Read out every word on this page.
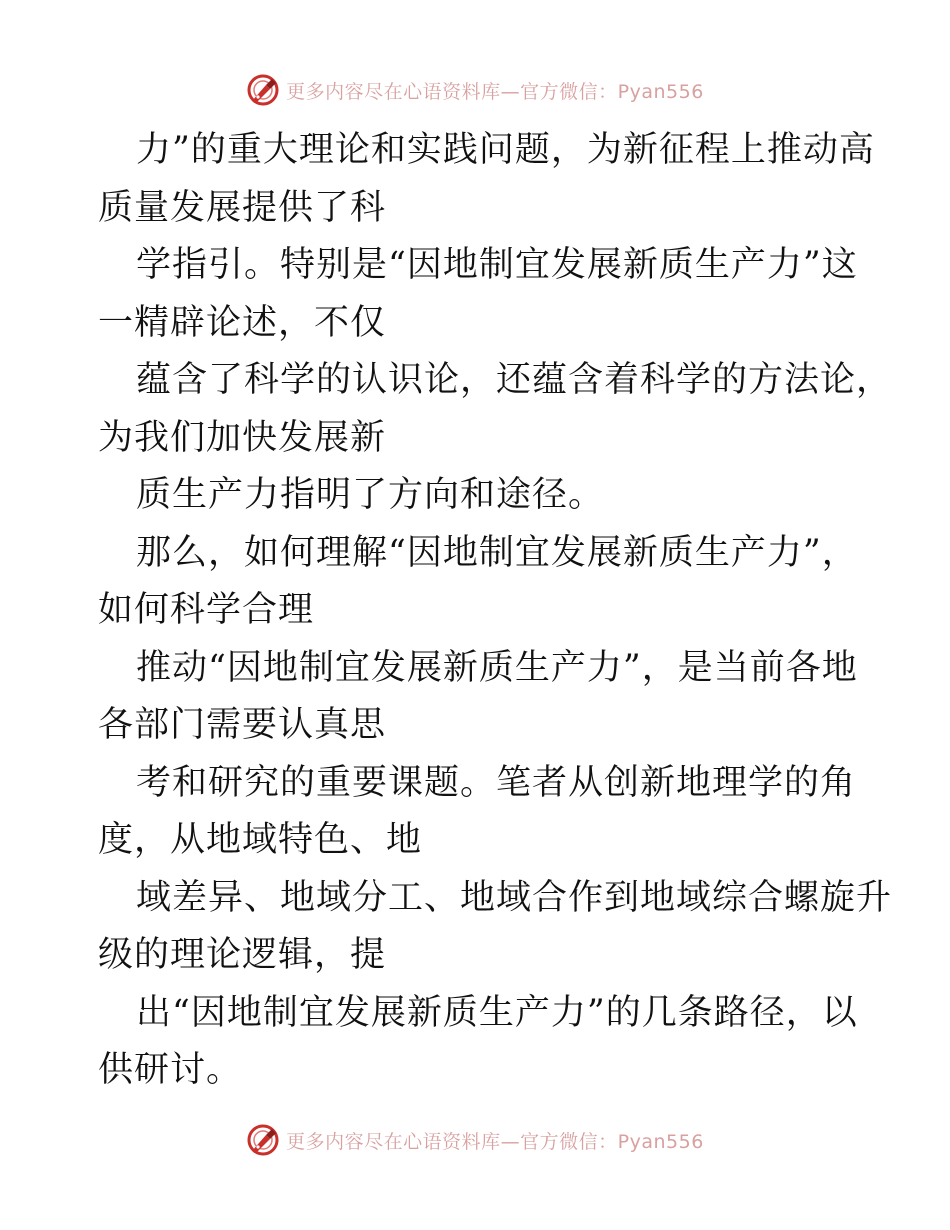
更多内容尽在心语资料库—官方微信：Pyan556
力”的重大理论和实践问题，为新征程上推动高
质量发展提供了科
学指引。特别是“因地制宜发展新质生产力”这
一精辟论述，不仅
蕴含了科学的认识论，还蕴含着科学的方法论，
为我们加快发展新
质生产力指明了方向和途径。
那么，如何理解“因地制宜发展新质生产力”，
如何科学合理
推动“因地制宜发展新质生产力”，是当前各地
各部门需要认真思
考和研究的重要课题。笔者从创新地理学的角
度，从地域特色、地
域差异、地域分工、地域合作到地域综合螺旋升
级的理论逻辑，提
出“因地制宜发展新质生产力”的几条路径，以
供研讨。
更多内容尽在心语资料库—官方微信：Pyan556
